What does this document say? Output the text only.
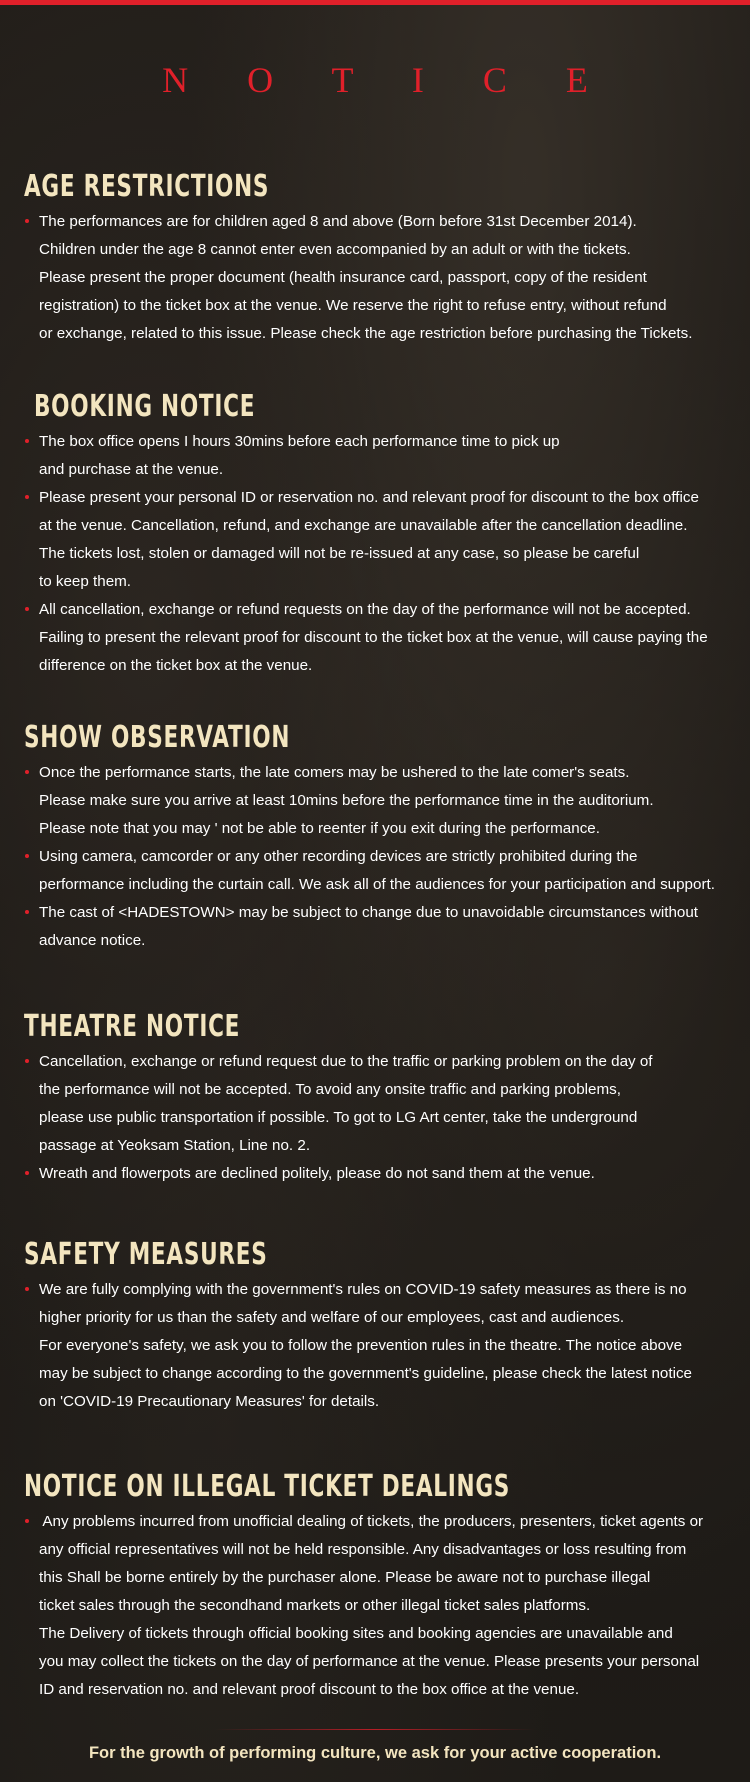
N O T I C E
AGE RESTRICTIONS
The performances are for children aged 8 and above (Born before 31st December 2014).
Children under the age 8 cannot enter even accompanied by an adult or with the tickets.
Please present the proper document (health insurance card, passport, copy of the resident
registration) to the ticket box at the venue. We reserve the right to refuse entry, without refund
or exchange, related to this issue. Please check the age restriction before purchasing the Tickets.
BOOKING NOTICE
The box office opens I hours 30mins before each performance time to pick up
and purchase at the venue.
Please present your personal ID or reservation no. and relevant proof for discount to the box office
at the venue. Cancellation, refund, and exchange are unavailable after the cancellation deadline.
The tickets lost, stolen or damaged will not be re-issued at any case, so please be careful
to keep them.
All cancellation, exchange or refund requests on the day of the performance will not be accepted.
Failing to present the relevant proof for discount to the ticket box at the venue, will cause paying the
difference on the ticket box at the venue.
SHOW OBSERVATION
Once the performance starts, the late comers may be ushered to the late comer's seats.
Please make sure you arrive at least 10mins before the performance time in the auditorium.
Please note that you may ' not be able to reenter if you exit during the performance.
Using camera, camcorder or any other recording devices are strictly prohibited during the
performance including the curtain call. We ask all of the audiences for your participation and support.
The cast of <HADESTOWN> may be subject to change due to unavoidable circumstances without
advance notice.
THEATRE NOTICE
Cancellation, exchange or refund request due to the traffic or parking problem on the day of
the performance will not be accepted. To avoid any onsite traffic and parking problems,
please use public transportation if possible. To got to LG Art center, take the underground
passage at Yeoksam Station, Line no. 2.
Wreath and flowerpots are declined politely, please do not sand them at the venue.
SAFETY MEASURES
We are fully complying with the government's rules on COVID-19 safety measures as there is no
higher priority for us than the safety and welfare of our employees, cast and audiences.
For everyone's safety, we ask you to follow the prevention rules in the theatre. The notice above
may be subject to change according to the government's guideline, please check the latest notice
on 'COVID-19 Precautionary Measures' for details.
NOTICE ON ILLEGAL TICKET DEALINGS
Any problems incurred from unofficial dealing of tickets, the producers, presenters, ticket agents or
any official representatives will not be held responsible. Any disadvantages or loss resulting from
this Shall be borne entirely by the purchaser alone. Please be aware not to purchase illegal
ticket sales through the secondhand markets or other illegal ticket sales platforms.
The Delivery of tickets through official booking sites and booking agencies are unavailable and
you may collect the tickets on the day of performance at the venue. Please presents your personal
ID and reservation no. and relevant proof discount to the box office at the venue.
For the growth of performing culture, we ask for your active cooperation.
